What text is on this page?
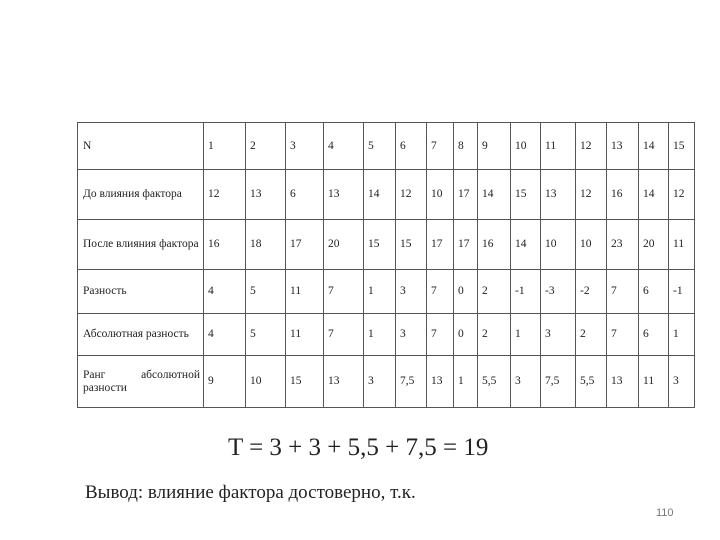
N	1	2	3	4	5	6	7	8	9	10	11	12	13	14	15
До влияния фактора	12	13	6	13	14	12	10	17	14	15	13	12	16	14	12
После влияния фактора	16	18	17	20	15	15	17	17	16	14	10	10	23	20	11
Разность	4	5	11	7	1	3	7	0	2	-1	-3	-2	7	6	-1
Абсолютная разность	4	5	11	7	1	3	7	0	2	1	3	2	7	6	1
Ранг абсолютной разности	9	10	15	13	3	7,5	13	1	5,5	3	7,5	5,5	13	11	3
T = 3 + 3 + 5,5 + 7,5 = 19
Вывод: влияние фактора достоверно, т.к.
110
